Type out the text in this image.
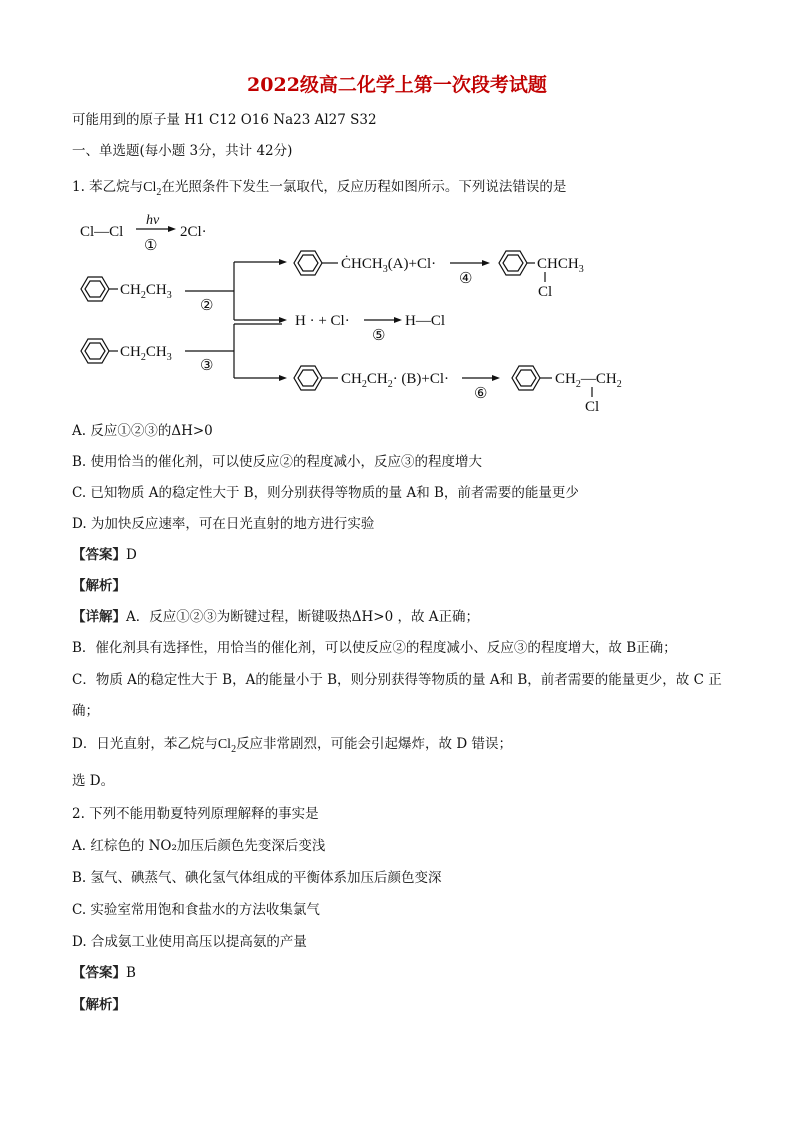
2022级高二化学上第一次段考试题
可能用到的原子量 H1 C12 O16 Na23 Al27 S32
一、单选题(每小题 3分，共计 42分)
1. 苯乙烷与$Cl_2$在光照条件下发生一氯取代，反应历程如图所示。下列说法错误的是
Cl—Cl
hν
①
2Cl·
$CH_2CH_3$
②
$ĊHCH_3(A)+Cl\cdot$
④
$CHCH_3$
Cl
H · + Cl·
⑤
H—Cl
$CH_2CH_3$
③
$CH_2CH_2\cdot (B)+Cl\cdot$
⑥
$CH_2—CH_2$
Cl
A. 反应①②③的ΔH>0
B. 使用恰当的催化剂，可以使反应②的程度减小，反应③的程度增大
C. 已知物质 A的稳定性大于 B，则分别获得等物质的量 A和 B，前者需要的能量更少
D. 为加快反应速率，可在日光直射的地方进行实验
【答案】D
【解析】
【详解】A．反应①②③为断键过程，断键吸热ΔH>0 ，故 A正确；
B．催化剂具有选择性，用恰当的催化剂，可以使反应②的程度减小、反应③的程度增大，故 B正确；
C．物质 A的稳定性大于 B，A的能量小于 B，则分别获得等物质的量 A和 B，前者需要的能量更少，故 C 正
确；
D．日光直射，苯乙烷与$Cl_2$反应非常剧烈，可能会引起爆炸，故 D 错误；
选 D。
2. 下列不能用勒夏特列原理解释的事实是
A. 红棕色的 NO₂加压后颜色先变深后变浅
B. 氢气、碘蒸气、碘化氢气体组成的平衡体系加压后颜色变深
C. 实验室常用饱和食盐水的方法收集氯气
D. 合成氨工业使用高压以提高氨的产量
【答案】B
【解析】
